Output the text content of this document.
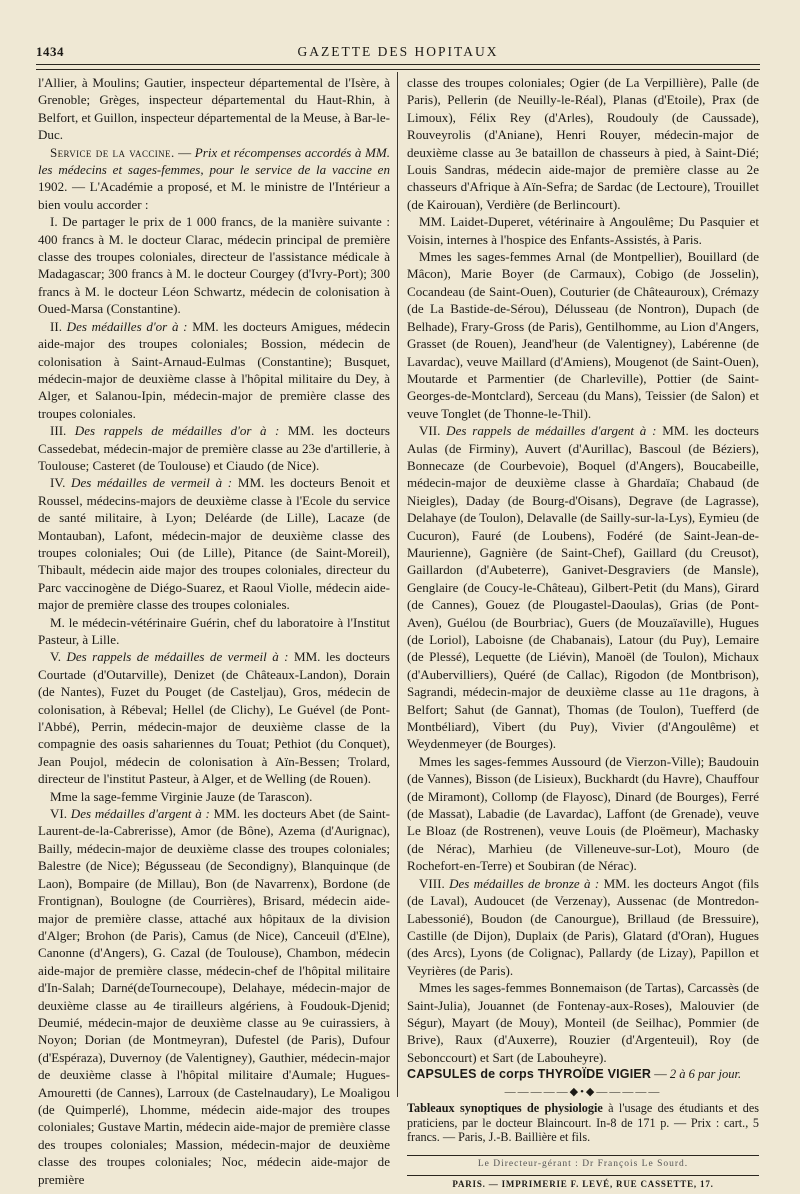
1434	GAZETTE DES HOPITAUX

l'Allier, à Moulins; Gautier, inspecteur départemental de l'Isère, à Grenoble; Grèges, inspecteur départemental du Haut-Rhin, à Belfort, et Guillon, inspecteur départemental de la Meuse, à Bar-le-Duc.

Service de la vaccine. — Prix et récompenses accordés à MM. les médecins et sages-femmes, pour le service de la vaccine en 1902. — L'Académie a proposé, et M. le ministre de l'Intérieur a bien voulu accorder :

I. De partager le prix de 1 000 francs, de la manière suivante : 400 francs à M. le docteur Clarac, médecin principal de première classe des troupes coloniales, directeur de l'assistance médicale à Madagascar; 300 francs à M. le docteur Courgey (d'Ivry-Port); 300 francs à M. le docteur Léon Schwartz, médecin de colonisation à Oued-Marsa (Constantine).

II. Des médailles d'or à : MM. les docteurs Amigues, médecin aide-major des troupes coloniales; Bossion, médecin de colonisation à Saint-Arnaud-Eulmas (Constantine); Busquet, médecin-major de deuxième classe à l'hôpital militaire du Dey, à Alger, et Salanou-Ipin, médecin-major de première classe des troupes coloniales.

III. Des rappels de médailles d'or à : MM. les docteurs Cassedebat, médecin-major de première classe au 23e d'artillerie, à Toulouse; Casteret (de Toulouse) et Ciaudo (de Nice).

IV. Des médailles de vermeil à : MM. les docteurs Benoit et Roussel, médecins-majors de deuxième classe à l'Ecole du service de santé militaire, à Lyon; Deléarde (de Lille), Lacaze (de Montauban), Lafont, médecin-major de deuxième classe des troupes coloniales; Oui (de Lille), Pitance (de Saint-Moreil), Thibault, médecin aide major des troupes coloniales, directeur du Parc vaccinogène de Diégo-Suarez, et Raoul Violle, médecin aide-major de première classe des troupes coloniales.

M. le médecin-vétérinaire Guérin, chef du laboratoire à l'Institut Pasteur, à Lille.

V. Des rappels de médailles de vermeil à : MM. les docteurs Courtade (d'Outarville), Denizet (de Châteaux-Landon), Dorain (de Nantes), Fuzet du Pouget (de Casteljau), Gros, médecin de colonisation, à Rébeval; Hellel (de Clichy), Le Guével (de Pont-l'Abbé), Perrin, médecin-major de deuxième classe de la compagnie des oasis sahariennes du Touat; Pethiot (du Conquet), Jean Poujol, médecin de colonisation à Aïn-Bessen; Trolard, directeur de l'institut Pasteur, à Alger, et de Welling (de Rouen).

Mme la sage-femme Virginie Jauze (de Tarascon).

VI. Des médailles d'argent à : MM. les docteurs Abet (de Saint-Laurent-de-la-Cabrerisse), Amor (de Bône), Azema (d'Aurignac), Bailly, médecin-major de deuxième classe des troupes coloniales; Balestre (de Nice); Bégusseau (de Secondigny), Blanquinque (de Laon), Bompaire (de Millau), Bon (de Navarrenx), Bordone (de Frontignan), Boulogne (de Courrières), Brisard, médecin aide-major de première classe, attaché aux hôpitaux de la division d'Alger; Brohon (de Paris), Camus (de Nice), Canceuil (d'Elne), Canonne (d'Angers), G. Cazal (de Toulouse), Chambon, médecin aide-major de première classe, médecin-chef de l'hôpital militaire d'In-Salah; Darné(deTournecoupe), Delahaye, médecin-major de deuxième classe au 4e tirailleurs algériens, à Foudouk-Djenid; Deumié, médecin-major de deuxième classe au 9e cuirassiers, à Noyon; Dorian (de Montmeyran), Dufestel (de Paris), Dufour (d'Espéraza), Duvernoy (de Valentigney), Gauthier, médecin-major de deuxième classe à l'hôpital militaire d'Aumale; Hugues-Amouretti (de Cannes), Larroux (de Castelnaudary), Le Moaligou (de Quimperlé), Lhomme, médecin aide-major des troupes coloniales; Gustave Martin, médecin aide-major de première classe des troupes coloniales; Massion, médecin-major de deuxième classe des troupes coloniales; Noc, médecin aide-major de première

classe des troupes coloniales; Ogier (de La Verpillière), Palle (de Paris), Pellerin (de Neuilly-le-Réal), Planas (d'Etoile), Prax (de Limoux), Félix Rey (d'Arles), Roudouly (de Caussade), Rouveyrolis (d'Aniane), Henri Rouyer, médecin-major de deuxième classe au 3e bataillon de chasseurs à pied, à Saint-Dié; Louis Sandras, médecin aide-major de première classe au 2e chasseurs d'Afrique à Aïn-Sefra; de Sardac (de Lectoure), Trouillet (de Kairouan), Verdière (de Berlincourt).

MM. Laidet-Duperet, vétérinaire à Angoulême; Du Pasquier et Voisin, internes à l'hospice des Enfants-Assistés, à Paris.

Mmes les sages-femmes Arnal (de Montpellier), Bouillard (de Mâcon), Marie Boyer (de Carmaux), Cobigo (de Josselin), Cocandeau (de Saint-Ouen), Couturier (de Châteauroux), Crémazy (de La Bastide-de-Sérou), Délusseau (de Nontron), Dupach (de Belhade), Frary-Gross (de Paris), Gentilhomme, au Lion d'Angers, Grasset (de Rouen), Jeand'heur (de Valentigney), Labérenne (de Lavardac), veuve Maillard (d'Amiens), Mougenot (de Saint-Ouen), Moutarde et Parmentier (de Charleville), Pottier (de Saint-Georges-de-Montclard), Serceau (du Mans), Teissier (de Salon) et veuve Tonglet (de Thonne-le-Thil).

VII. Des rappels de médailles d'argent à : MM. les docteurs Aulas (de Firminy), Auvert (d'Aurillac), Bascoul (de Béziers), Bonnecaze (de Courbevoie), Boquel (d'Angers), Boucabeille, médecin-major de deuxième classe à Ghardaïa; Chabaud (de Nieigles), Daday (de Bourg-d'Oisans), Degrave (de Lagrasse), Delahaye (de Toulon), Delavalle (de Sailly-sur-la-Lys), Eymieu (de Cucuron), Fauré (de Loubens), Fodéré (de Saint-Jean-de-Maurienne), Gagnière (de Saint-Chef), Gaillard (du Creusot), Gaillardon (d'Aubeterre), Ganivet-Desgraviers (de Mansle), Genglaire (de Coucy-le-Château), Gilbert-Petit (du Mans), Girard (de Cannes), Gouez (de Plougastel-Daoulas), Grias (de Pont-Aven), Guélou (de Bourbriac), Guers (de Mouzaïaville), Hugues (de Loriol), Laboisne (de Chabanais), Latour (du Puy), Lemaire (de Plessé), Lequette (de Liévin), Manoël (de Toulon), Michaux (d'Aubervilliers), Quéré (de Callac), Rigodon (de Montbrison), Sagrandi, médecin-major de deuxième classe au 11e dragons, à Belfort; Sahut (de Gannat), Thomas (de Toulon), Tuefferd (de Montbéliard), Vibert (du Puy), Vivier (d'Angoulême) et Weydenmeyer (de Bourges).

Mmes les sages-femmes Aussourd (de Vierzon-Ville); Baudouin (de Vannes), Bisson (de Lisieux), Buckhardt (du Havre), Chauffour (de Miramont), Collomp (de Flayosc), Dinard (de Bourges), Ferré (de Massat), Labadie (de Lavardac), Laffont (de Grenade), veuve Le Bloaz (de Rostrenen), veuve Louis (de Ploëmeur), Machasky (de Nérac), Marhieu (de Villeneuve-sur-Lot), Mouro (de Rochefort-en-Terre) et Soubiran (de Nérac).

VIII. Des médailles de bronze à : MM. les docteurs Angot (fils (de Laval), Audoucet (de Verzenay), Aussenac (de Montredon-Labessonié), Boudon (de Canourgue), Brillaud (de Bressuire), Castille (de Dijon), Duplaix (de Paris), Glatard (d'Oran), Hugues (des Arcs), Lyons (de Colignac), Pallardy (de Lizay), Papillon et Veyrières (de Paris).

Mmes les sages-femmes Bonnemaison (de Tartas), Carcassès (de Saint-Julia), Jouannet (de Fontenay-aux-Roses), Malouvier (de Ségur), Mayart (de Mouy), Monteil (de Seilhac), Pommier (de Brive), Raux (d'Auxerre), Rouzier (d'Argenteuil), Roy (de Sebonccourt) et Sart (de Labouheyre).

CAPSULES de corps THYROÏDE VIGIER — 2 à 6 par jour.

—————◆•◆—————

Tableaux synoptiques de physiologie à l'usage des étudiants et des praticiens, par le docteur Blaincourt. In-8 de 171 p. — Prix : cart., 5 francs. — Paris, J.-B. Baillière et fils.

Le Directeur-gérant : Dr François Le Sourd.

PARIS. — IMPRIMERIE F. LEVÉ, RUE CASSETTE, 17.
